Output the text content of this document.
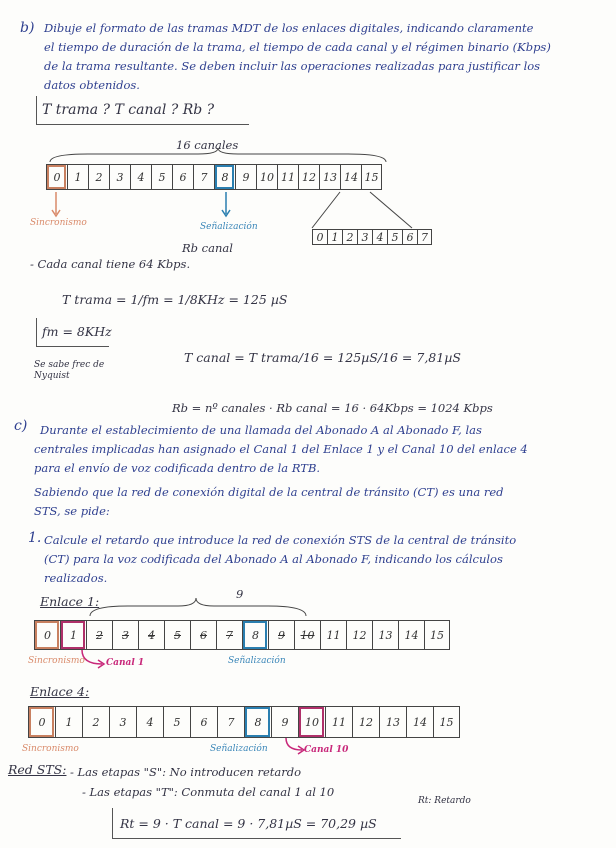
b) Dibuje el formato de las tramas MDT de los enlaces digitales, indicando claramente
el tiempo de duración de la trama, el tiempo de cada canal y el régimen binario (Kbps)
de la trama resultante. Se deben incluir las operaciones realizadas para justificar los
datos obtenidos.
T trama ? T canal ? Rb ?
16 canales
0	1	2	3	4	5	6	7	8	9 10 11 12 13 14 15
Sincronismo	Señalización
0 1 2 3 4 5 6 7
Rb canal
- Cada canal tiene 64 Kbps.
T trama = 1/fm = 1/8KHz = 125 µS
fm = 8KHz
Se sabe frec de Nyquist
T canal = T trama/16 = 125µS/16 = 7,81µS
Rb = nº canales · Rb canal = 16 · 64Kbps = 1024 Kbps
c) Durante el establecimiento de una llamada del Abonado A al Abonado F, las
centrales implicadas han asignado el Canal 1 del Enlace 1 y el Canal 10 del enlace 4
para el envío de voz codificada dentro de la RTB.
Sabiendo que la red de conexión digital de la central de tránsito (CT) es una red
STS, se pide:
1. Calcule el retardo que introduce la red de conexión STS de la central de tránsito
(CT) para la voz codificada del Abonado A al Abonado F, indicando los cálculos
realizados.
Enlace 1:	9
0	1	2	3	4	5	6	7	8	9	10	11	12	13	14	15
Sincronismo Canal 1	Señalización
Enlace 4:
0	1	2	3	4	5	6	7	8	9	10	11	12	13	14	15
Sincronismo	Señalización	Canal 10
Red STS: - Las etapas "S": No introducen retardo
- Las etapas "T": Conmuta del canal 1 al 10
Rt: Retardo
Rt = 9 · T canal = 9 · 7,81µS = 70,29 µS
